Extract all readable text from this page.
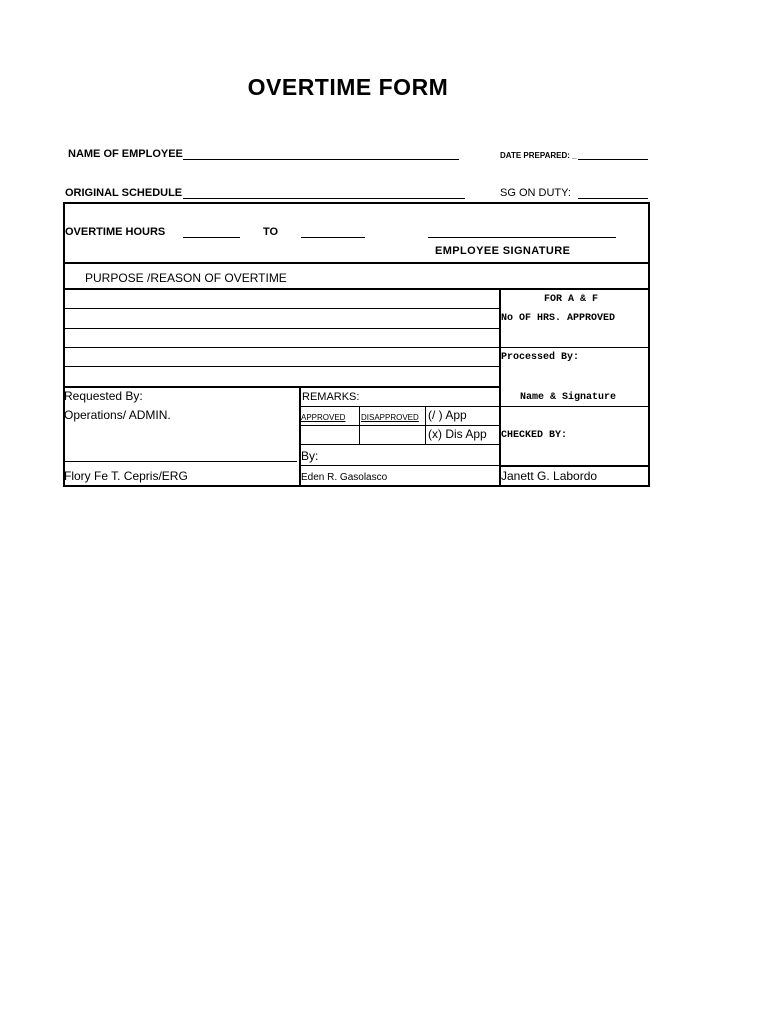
OVERTIME FORM
NAME OF EMPLOYEE	DATE PREPARED: _
ORIGINAL SCHEDULE	SG ON DUTY:
OVERTIME HOURS	TO
EMPLOYEE SIGNATURE
PURPOSE /REASON OF OVERTIME
FOR A & F
No OF HRS. APPROVED
Processed By:
Name & Signature
CHECKED BY:
Janett G. Labordo
Requested By:
Operations/ ADMIN.
Flory Fe T. Cepris/ERG
REMARKS:
APPROVED DISAPPROVED (/ ) App
(x) Dis App
By:
Eden R. Gasolasco
